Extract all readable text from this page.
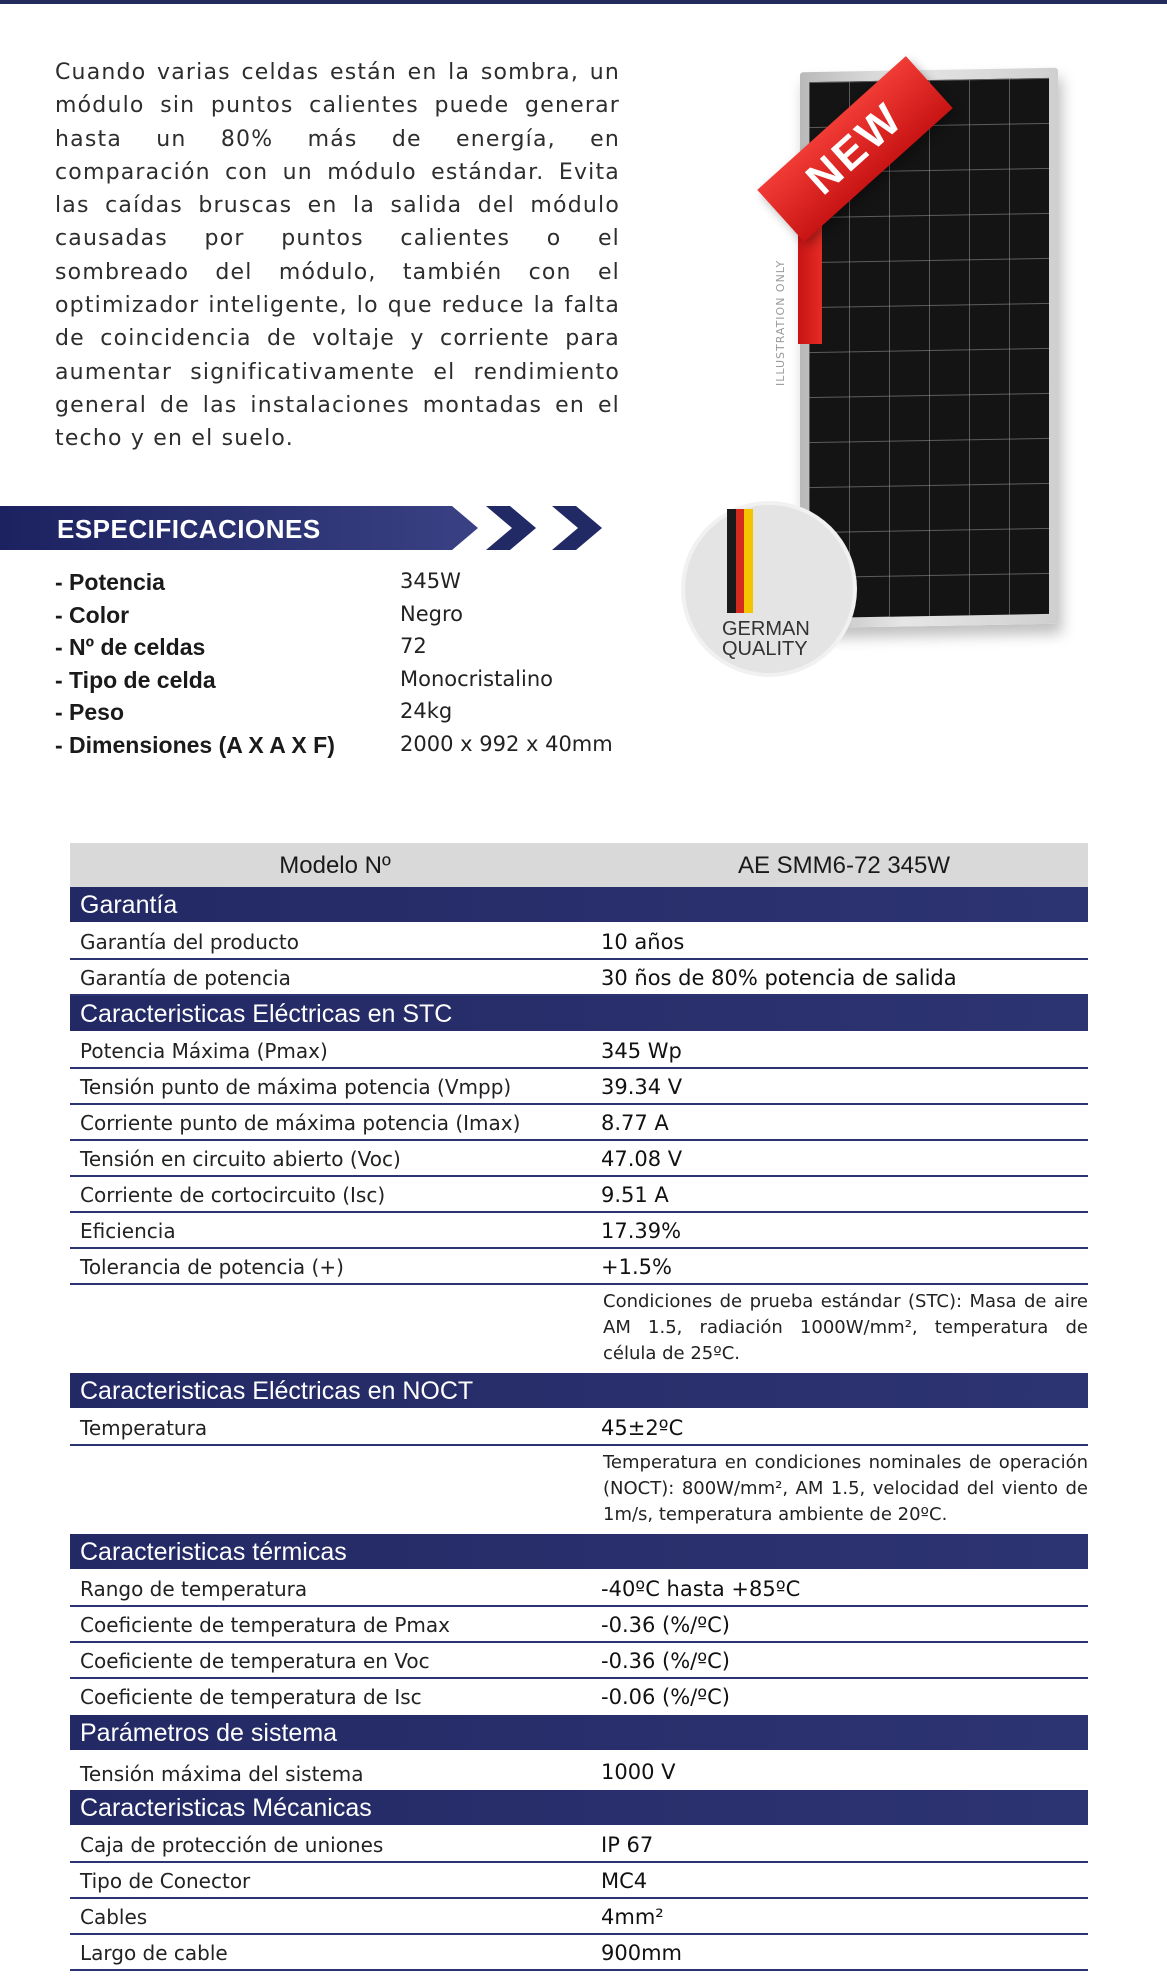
Cuando varias celdas están en la sombra, un módulo sin puntos calientes puede generar hasta un 80% más de energía, en comparación con un módulo estándar. Evita las caídas bruscas en la salida del módulo causadas por puntos calientes o el sombreado del módulo, también con el optimizador inteligente, lo que reduce la falta de coincidencia de voltaje y corriente para aumentar significativamente el rendimiento general de las instalaciones montadas en el techo y en el suelo.

ILLUSTRATION ONLY
NEW
GERMAN
QUALITY
ESPECIFICACIONES
- Potencia	345W
- Color	Negro
- Nº de celdas	72
- Tipo de celda	Monocristalino
- Peso	24kg
- Dimensiones (A X A X F)	2000 x 992 x 40mm
Modelo Nº	AE SMM6-72 345W
Garantía
Garantía del producto	10 años
Garantía de potencia	30 ños de 80% potencia de salida
Caracteristicas Eléctricas en STC
Potencia Máxima (Pmax)	345 Wp
Tensión punto de máxima potencia (Vmpp)	39.34 V
Corriente punto de máxima potencia (Imax)	8.77 A
Tensión en circuito abierto (Voc)	47.08 V
Corriente de cortocircuito (Isc)	9.51 A
Eficiencia	17.39%
Tolerancia de potencia (+)	+1.5%
Condiciones de prueba estándar (STC): Masa de aire AM 1.5, radiación 1000W/mm², temperatura de célula de 25ºC.
Caracteristicas Eléctricas en NOCT
Temperatura	45±2ºC
Temperatura en condiciones nominales de operación (NOCT): 800W/mm², AM 1.5, velocidad del viento de 1m/s, temperatura ambiente de 20ºC.
Caracteristicas térmicas
Rango de temperatura	-40ºC hasta +85ºC
Coeficiente de temperatura de Pmax	-0.36 (%/ºC)
Coeficiente de temperatura en Voc	-0.36 (%/ºC)
Coeficiente de temperatura de Isc	-0.06 (%/ºC)
Parámetros de sistema
Tensión máxima del sistema	1000 V
Caracteristicas Mécanicas
Caja de protección de uniones	IP 67
Tipo de Conector	MC4
Cables	4mm²
Largo de cable	900mm
